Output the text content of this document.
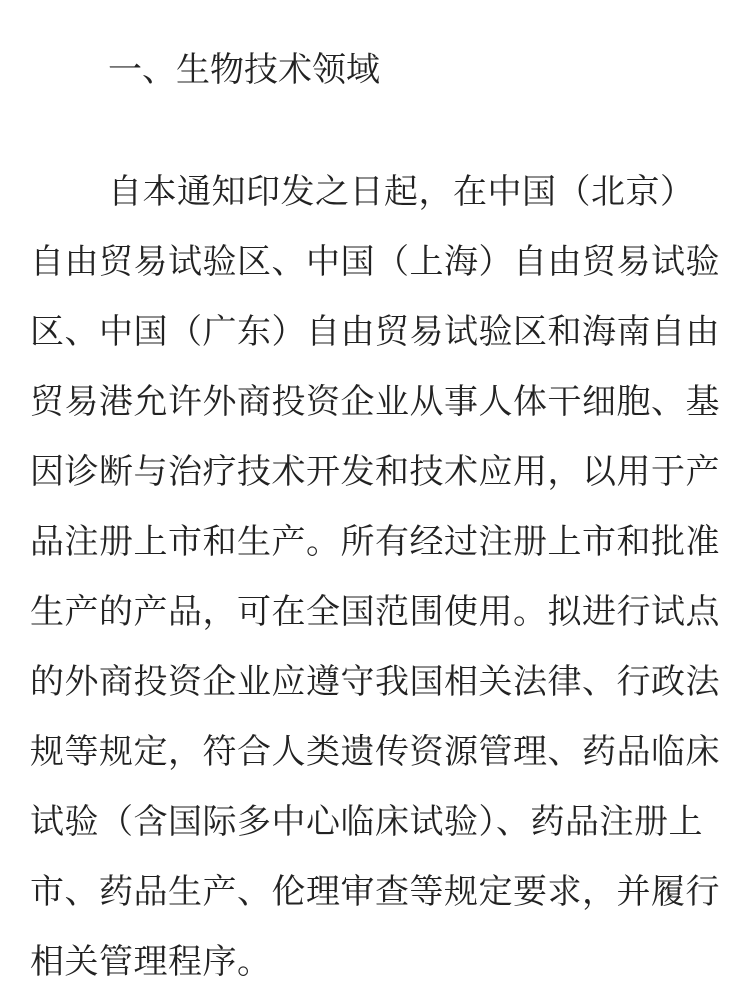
一、生物技术领域
自本通知印发之日起，在中国（北京）
自由贸易试验区、中国（上海）自由贸易试验
区、中国（广东）自由贸易试验区和海南自由
贸易港允许外商投资企业从事人体干细胞、基
因诊断与治疗技术开发和技术应用，以用于产
品注册上市和生产。所有经过注册上市和批准
生产的产品，可在全国范围使用。拟进行试点
的外商投资企业应遵守我国相关法律、行政法
规等规定，符合人类遗传资源管理、药品临床
试验（含国际多中心临床试验）、药品注册上
市、药品生产、伦理审查等规定要求，并履行
相关管理程序。
